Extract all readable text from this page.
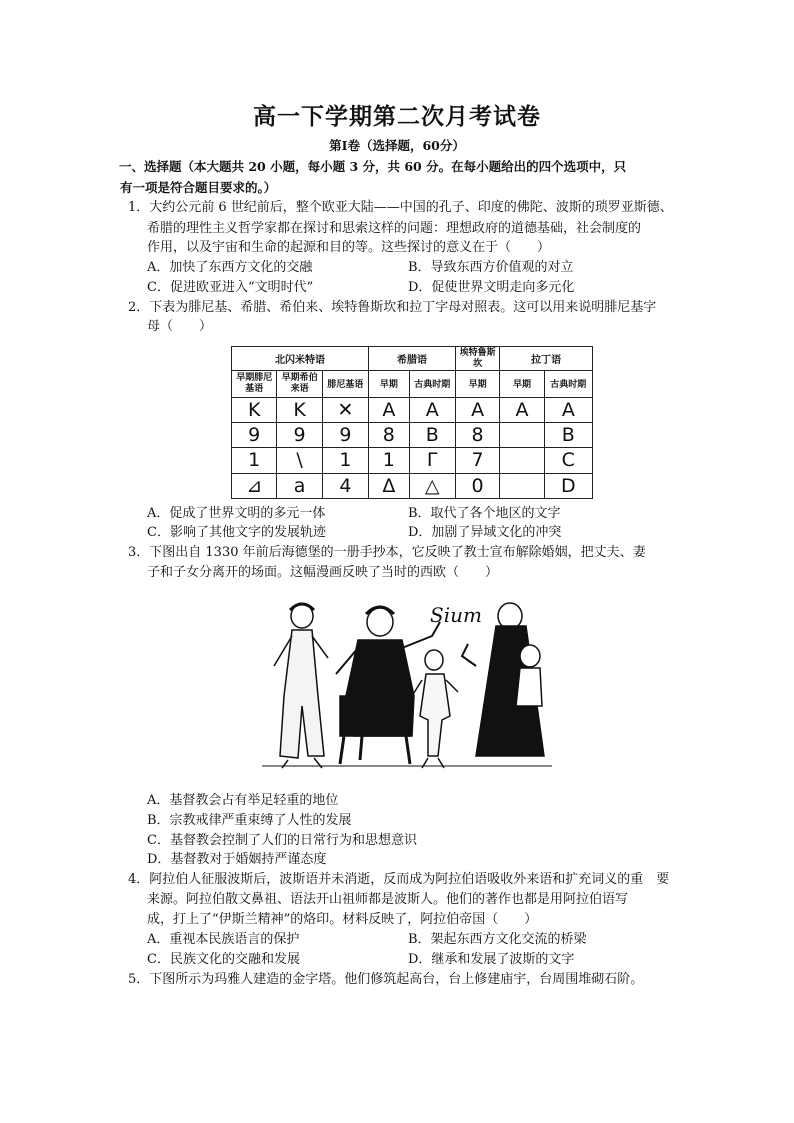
高一下学期第二次月考试卷
第Ⅰ卷（选择题，60分）
一、选择题（本大题共 20 小题，每小题 3 分，共 60 分。在每小题给出的四个选项中，只
有一项是符合题目要求的。）
1．大约公元前 6 世纪前后，整个欧亚大陆——中国的孔子、印度的佛陀、波斯的琐罗亚斯德、
希腊的理性主义哲学家都在探讨和思索这样的问题：理想政府的道德基础，社会制度的
作用，以及宇宙和生命的起源和目的等。这些探讨的意义在于（　　）
A．加快了东西方文化的交融	B．导致东西方价值观的对立
C．促进欧亚进入“文明时代”	D．促使世界文明走向多元化
2．下表为腓尼基、希腊、希伯来、埃特鲁斯坎和拉丁字母对照表。这可以用来说明腓尼基字
母（　　）
北闪米特语			希腊语		埃特鲁斯坎	拉丁语	
早期腓尼基语	早期希伯来语	腓尼基语	早期	古典时期	早期	早期	古典时期
K	K	✕	A	A	A	A	A
9	9	9	8	B	8		B
1	\	1	1	Γ	7		C
⊿	a	4	Δ	△	0		D
A．促成了世界文明的多元一体	B．取代了各个地区的文字
C．影响了其他文字的发展轨迹	D．加剧了异域文化的冲突
3．下图出自 1330 年前后海德堡的一册手抄本，它反映了教士宣布解除婚姻，把丈夫、妻
子和子女分离开的场面。这幅漫画反映了当时的西欧（　　）
Sium
A．基督教会占有举足轻重的地位
B．宗教戒律严重束缚了人性的发展
C．基督教会控制了人们的日常行为和思想意识
D．基督教对于婚姻持严谨态度
4．阿拉伯人征服波斯后，波斯语并未消逝，反而成为阿拉伯语吸收外来语和扩充词义的重　要
来源。阿拉伯散文鼻祖、语法开山祖师都是波斯人。他们的著作也都是用阿拉伯语写
成，打上了“伊斯兰精神”的烙印。材料反映了，阿拉伯帝国（　　）
A．重视本民族语言的保护	B．架起东西方文化交流的桥梁
C．民族文化的交融和发展	D．继承和发展了波斯的文字
5．下图所示为玛雅人建造的金字塔。他们修筑起高台，台上修建庙宇，台周围堆砌石阶。
